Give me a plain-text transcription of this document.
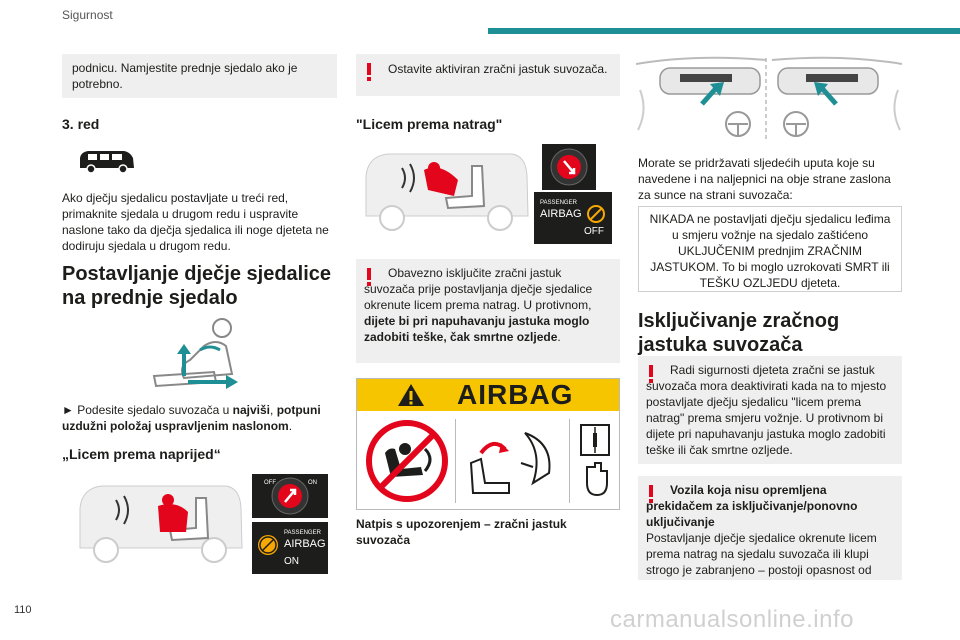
Sigurnost
podnicu. Namjestite prednje sjedalo ako je potrebno.
3. red
Ako dječju sjedalicu postavljate u treći red, primaknite sjedala u drugom redu i uspravite naslone tako da dječja sjedalica ili noge djeteta ne dodiruju sjedala u drugom redu.
Postavljanje dječje sjedalice na prednje sjedalo
► Podesite sjedalo suvozača u najviši, potpuni uzdužni položaj uspravljenim naslonom.
„Licem prema naprijed“
OFF	ON
PASSENGER
AIRBAG
ON
Ostavite aktiviran zračni jastuk suvozača.
"Licem prema natrag"
PASSENGER
AIRBAG
OFF
Obavezno isključite zračni jastuk suvozača prije postavljanja dječje sjedalice okrenute licem prema natrag. U protivnom, dijete bi pri napuhavanju jastuka moglo zadobiti teške, čak smrtne ozljede.
AIRBAG
Natpis s upozorenjem – zračni jastuk suvozača
Morate se pridržavati sljedećih uputa koje su navedene i na naljepnici na obje strane zaslona za sunce na strani suvozača:
NIKADA ne postavljati dječju sjedalicu leđima u smjeru vožnje na sjedalo zaštićeno UKLJUČENIM prednjim ZRAČNIM JASTUKOM. To bi moglo uzrokovati SMRT ili TEŠKU OZLJEDU djeteta.
Isključivanje zračnog jastuka suvozača
Radi sigurnosti djeteta zračni se jastuk suvozača mora deaktivirati kada na to mjesto postavljate dječju sjedalicu "licem prema natrag" prema smjeru vožnje. U protivnom bi dijete pri napuhavanju jastuka moglo zadobiti teške ili čak smrtne ozljede.
Vozila koja nisu opremljena prekidačem za isključivanje/ponovno uključivanje
Postavljanje dječje sjedalice okrenute licem prema natrag na sjedalu suvozača ili klupi strogo je zabranjeno – postoji opasnost od
110	carmanualsonline.info
